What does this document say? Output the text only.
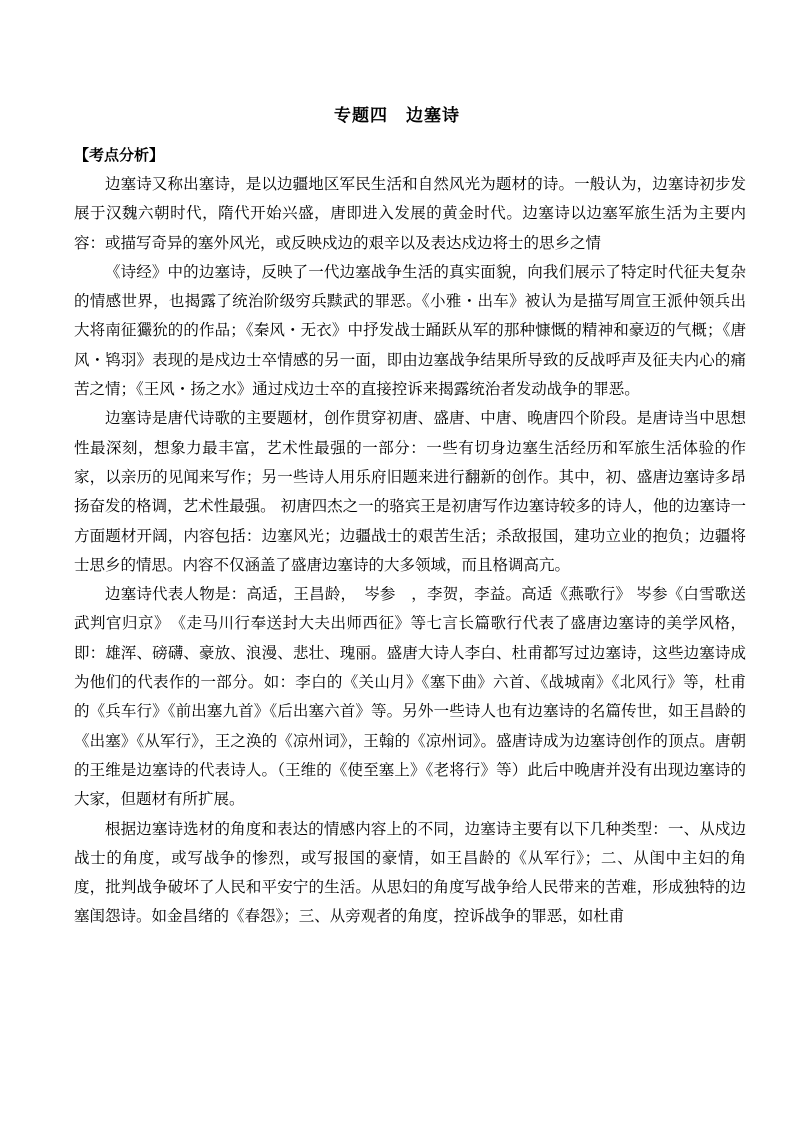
专题四　边塞诗
【考点分析】

边塞诗又称出塞诗，是以边疆地区军民生活和自然风光为题材的诗。一般认为，边塞诗初步发展于汉魏六朝时代，隋代开始兴盛，唐即进入发展的黄金时代。边塞诗以边塞军旅生活为主要内容：或描写奇异的塞外风光，或反映戍边的艰辛以及表达戍边将士的思乡之情

《诗经》中的边塞诗，反映了一代边塞战争生活的真实面貌，向我们展示了特定时代征夫复杂的情感世界，也揭露了统治阶级穷兵黩武的罪恶。《小雅・出车》被认为是描写周宣王派仲领兵出大将南征玁狁的的作品；《秦风・无衣》中抒发战士踊跃从军的那种慷慨的精神和豪迈的气概；《唐风・鸨羽》表现的是戍边士卒情感的另一面，即由边塞战争结果所导致的反战呼声及征夫内心的痛苦之情；《王风・扬之水》通过戍边士卒的直接控诉来揭露统治者发动战争的罪恶。

边塞诗是唐代诗歌的主要题材，创作贯穿初唐、盛唐、中唐、晚唐四个阶段。是唐诗当中思想性最深刻，想象力最丰富，艺术性最强的一部分：一些有切身边塞生活经历和军旅生活体验的作家，以亲历的见闻来写作；另一些诗人用乐府旧题来进行翻新的创作。其中，初、盛唐边塞诗多昂扬奋发的格调，艺术性最强。 初唐四杰之一的骆宾王是初唐写作边塞诗较多的诗人，他的边塞诗一方面题材开阔，内容包括：边塞风光；边疆战士的艰苦生活；杀敌报国，建功立业的抱负；边疆将士思乡的情思。内容不仅涵盖了盛唐边塞诗的大多领域，而且格调高亢。

边塞诗代表人物是：高适，王昌龄，　岑参　，李贺，李益。高适《燕歌行》 岑参《白雪歌送武判官归京》　《走马川行奉送封大夫出师西征》等七言长篇歌行代表了盛唐边塞诗的美学风格，即：雄浑、磅礴、豪放、浪漫、悲壮、瑰丽。盛唐大诗人李白、杜甫都写过边塞诗，这些边塞诗成为他们的代表作的一部分。如：李白的《关山月》《塞下曲》六首、《战城南》《北风行》等，杜甫的《兵车行》《前出塞九首》《后出塞六首》等。另外一些诗人也有边塞诗的名篇传世，如王昌龄的《出塞》《从军行》，王之涣的《凉州词》，王翰的《凉州词》。盛唐诗成为边塞诗创作的顶点。唐朝的王维是边塞诗的代表诗人。（王维的《使至塞上》《老将行》等）此后中晚唐并没有出现边塞诗的大家，但题材有所扩展。

根据边塞诗选材的角度和表达的情感内容上的不同，边塞诗主要有以下几种类型：一、从戍边战士的角度，或写战争的惨烈，或写报国的豪情，如王昌龄的《从军行》；二、从闺中主妇的角度，批判战争破坏了人民和平安宁的生活。从思妇的角度写战争给人民带来的苦难，形成独特的边塞闺怨诗。如金昌绪的《春怨》；三、从旁观者的角度，控诉战争的罪恶，如杜甫
